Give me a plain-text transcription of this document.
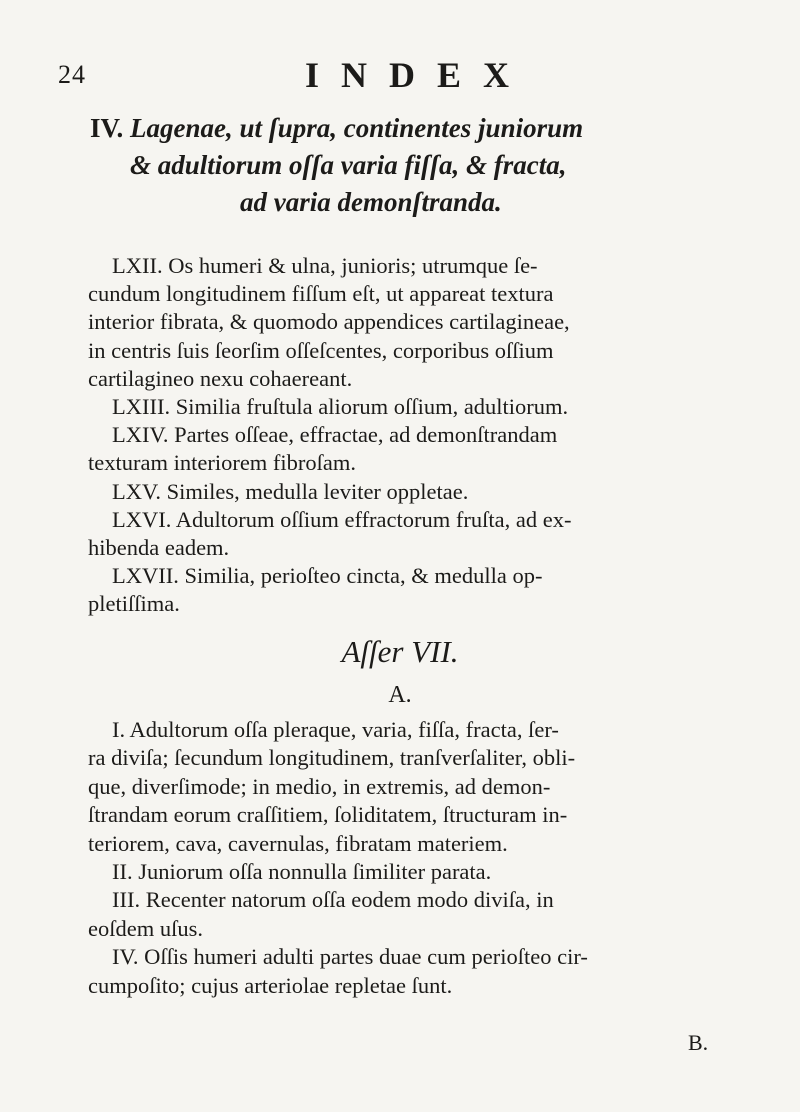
24	INDEX
IV. Lagenae, ut ſupra, continentes juniorum
& adultiorum oſſa varia fiſſa, & fracta,
ad varia demonſtranda.
LXII. Os humeri & ulna, junioris; utrumque ſe-
cundum longitudinem fiſſum eſt, ut appareat textura
interior fibrata, & quomodo appendices cartilagineae,
in centris ſuis ſeorſim oſſeſcentes, corporibus oſſium
cartilagineo nexu cohaereant.
LXIII. Similia fruſtula aliorum oſſium, adultiorum.
LXIV. Partes oſſeae, effractae, ad demonſtrandam
texturam interiorem fibroſam.
LXV. Similes, medulla leviter oppletae.
LXVI. Adultorum oſſium effractorum fruſta, ad ex-
hibenda eadem.
LXVII. Similia, perioſteo cincta, & medulla op-
pletiſſima.
Aſſer VII.
A.
I. Adultorum oſſa pleraque, varia, fiſſa, fracta, ſer-
ra diviſa; ſecundum longitudinem, tranſverſaliter, obli-
que, diverſimode; in medio, in extremis, ad demon-
ſtrandam eorum craſſitiem, ſoliditatem, ſtructuram in-
teriorem, cava, cavernulas, fibratam materiem.
II. Juniorum oſſa nonnulla ſimiliter parata.
III. Recenter natorum oſſa eodem modo diviſa, in
eoſdem uſus.
IV. Oſſis humeri adulti partes duae cum perioſteo cir-
cumpoſito; cujus arteriolae repletae ſunt.
B.
